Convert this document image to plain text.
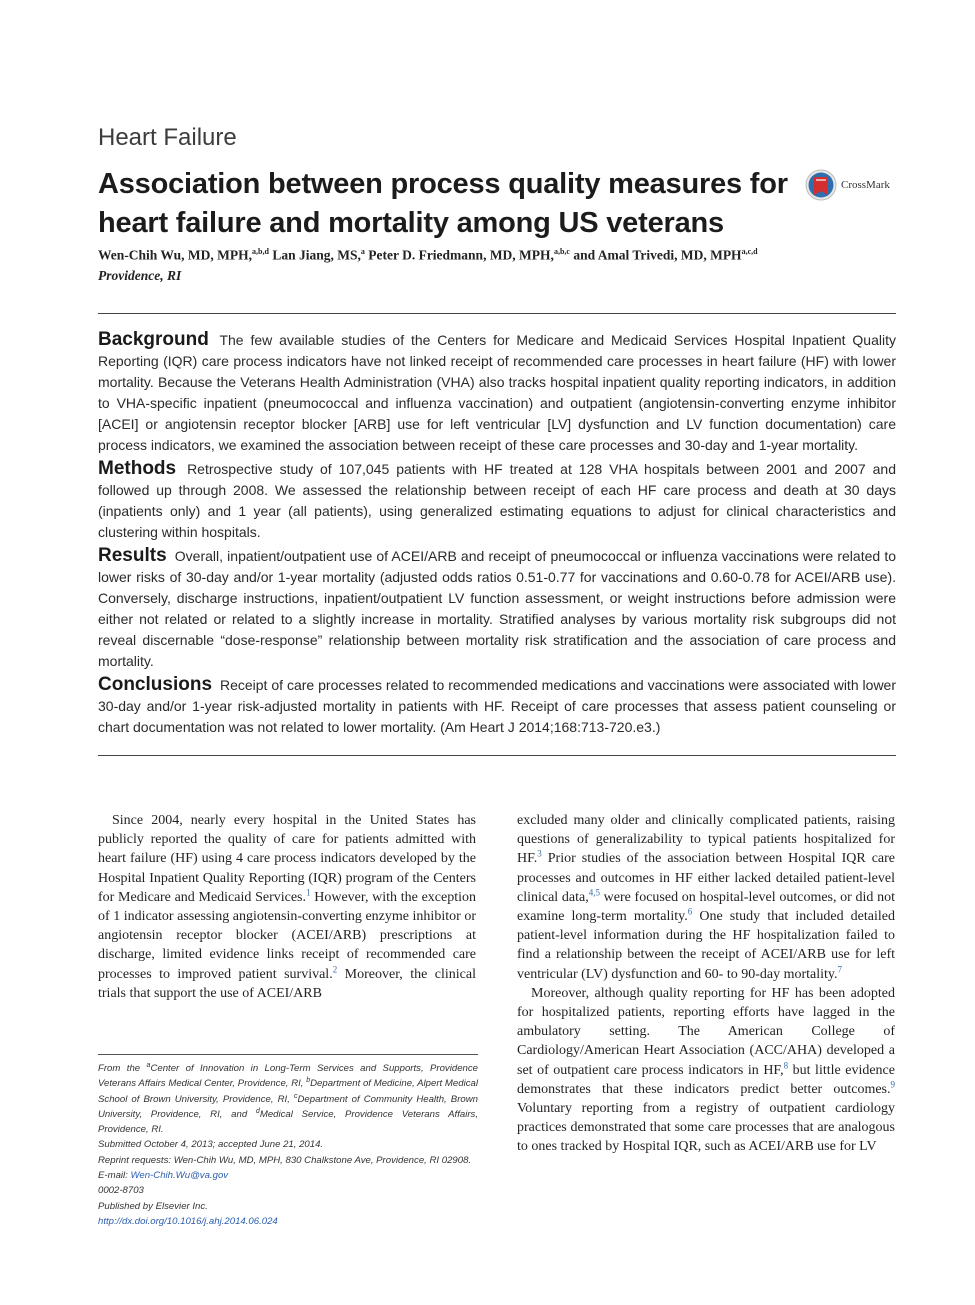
Heart Failure
Association between process quality measures for heart failure and mortality among US veterans
CrossMark
Wen-Chih Wu, MD, MPH,$^{a,b,d}$ Lan Jiang, MS,$^a$ Peter D. Friedmann, MD, MPH,$^{a,b,c}$ and Amal Trivedi, MD, MPH$^{a,c,d}$
Providence, RI

Background The few available studies of the Centers for Medicare and Medicaid Services Hospital Inpatient Quality Reporting (IQR) care process indicators have not linked receipt of recommended care processes in heart failure (HF) with lower mortality. Because the Veterans Health Administration (VHA) also tracks hospital inpatient quality reporting indicators, in addition to VHA-specific inpatient (pneumococcal and influenza vaccination) and outpatient (angiotensin-converting enzyme inhibitor [ACEI] or angiotensin receptor blocker [ARB] use for left ventricular [LV] dysfunction and LV function documentation) care process indicators, we examined the association between receipt of these care processes and 30-day and 1-year mortality.

Methods Retrospective study of 107,045 patients with HF treated at 128 VHA hospitals between 2001 and 2007 and followed up through 2008. We assessed the relationship between receipt of each HF care process and death at 30 days (inpatients only) and 1 year (all patients), using generalized estimating equations to adjust for clinical characteristics and clustering within hospitals.

Results Overall, inpatient/outpatient use of ACEI/ARB and receipt of pneumococcal or influenza vaccinations were related to lower risks of 30-day and/or 1-year mortality (adjusted odds ratios 0.51-0.77 for vaccinations and 0.60-0.78 for ACEI/ARB use). Conversely, discharge instructions, inpatient/outpatient LV function assessment, or weight instructions before admission were either not related or related to a slightly increase in mortality. Stratified analyses by various mortality risk subgroups did not reveal discernable “dose-response” relationship between mortality risk stratification and the association of care process and mortality.

Conclusions Receipt of care processes related to recommended medications and vaccinations were associated with lower 30-day and/or 1-year risk-adjusted mortality in patients with HF. Receipt of care processes that assess patient counseling or chart documentation was not related to lower mortality. (Am Heart J 2014;168:713-720.e3.)

Since 2004, nearly every hospital in the United States has publicly reported the quality of care for patients admitted with heart failure (HF) using 4 care process indicators developed by the Hospital Inpatient Quality Reporting (IQR) program of the Centers for Medicare and Medicaid Services.$^1$ However, with the exception of 1 indicator assessing angiotensin-converting enzyme inhibitor or angiotensin receptor blocker (ACEI/ARB) prescriptions at discharge, limited evidence links receipt of recommended care processes to improved patient survival.$^2$ Moreover, the clinical trials that support the use of ACEI/ARB

excluded many older and clinically complicated patients, raising questions of generalizability to typical patients hospitalized for HF.$^3$ Prior studies of the association between Hospital IQR care processes and outcomes in HF either lacked detailed patient-level clinical data,$^{4,5}$ were focused on hospital-level outcomes, or did not examine long-term mortality.$^6$ One study that included detailed patient-level information during the HF hospitalization failed to find a relationship between the receipt of ACEI/ARB use for left ventricular (LV) dysfunction and 60- to 90-day mortality.$^7$

Moreover, although quality reporting for HF has been adopted for hospitalized patients, reporting efforts have lagged in the ambulatory setting. The American College of Cardiology/American Heart Association (ACC/AHA) developed a set of outpatient care process indicators in HF,$^8$ but little evidence demonstrates that these indicators predict better outcomes.$^9$ Voluntary reporting from a registry of outpatient cardiology practices demonstrated that some care processes that are analogous to ones tracked by Hospital IQR, such as ACEI/ARB use for LV

From the $^a$Center of Innovation in Long-Term Services and Supports, Providence Veterans Affairs Medical Center, Providence, RI, $^b$Department of Medicine, Alpert Medical School of Brown University, Providence, RI, $^c$Department of Community Health, Brown University, Providence, RI, and $^d$Medical Service, Providence Veterans Affairs, Providence, RI.
Submitted October 4, 2013; accepted June 21, 2014.
Reprint requests: Wen-Chih Wu, MD, MPH, 830 Chalkstone Ave, Providence, RI 02908.
E-mail: Wen-Chih.Wu@va.gov
0002-8703
Published by Elsevier Inc.
http://dx.doi.org/10.1016/j.ahj.2014.06.024
